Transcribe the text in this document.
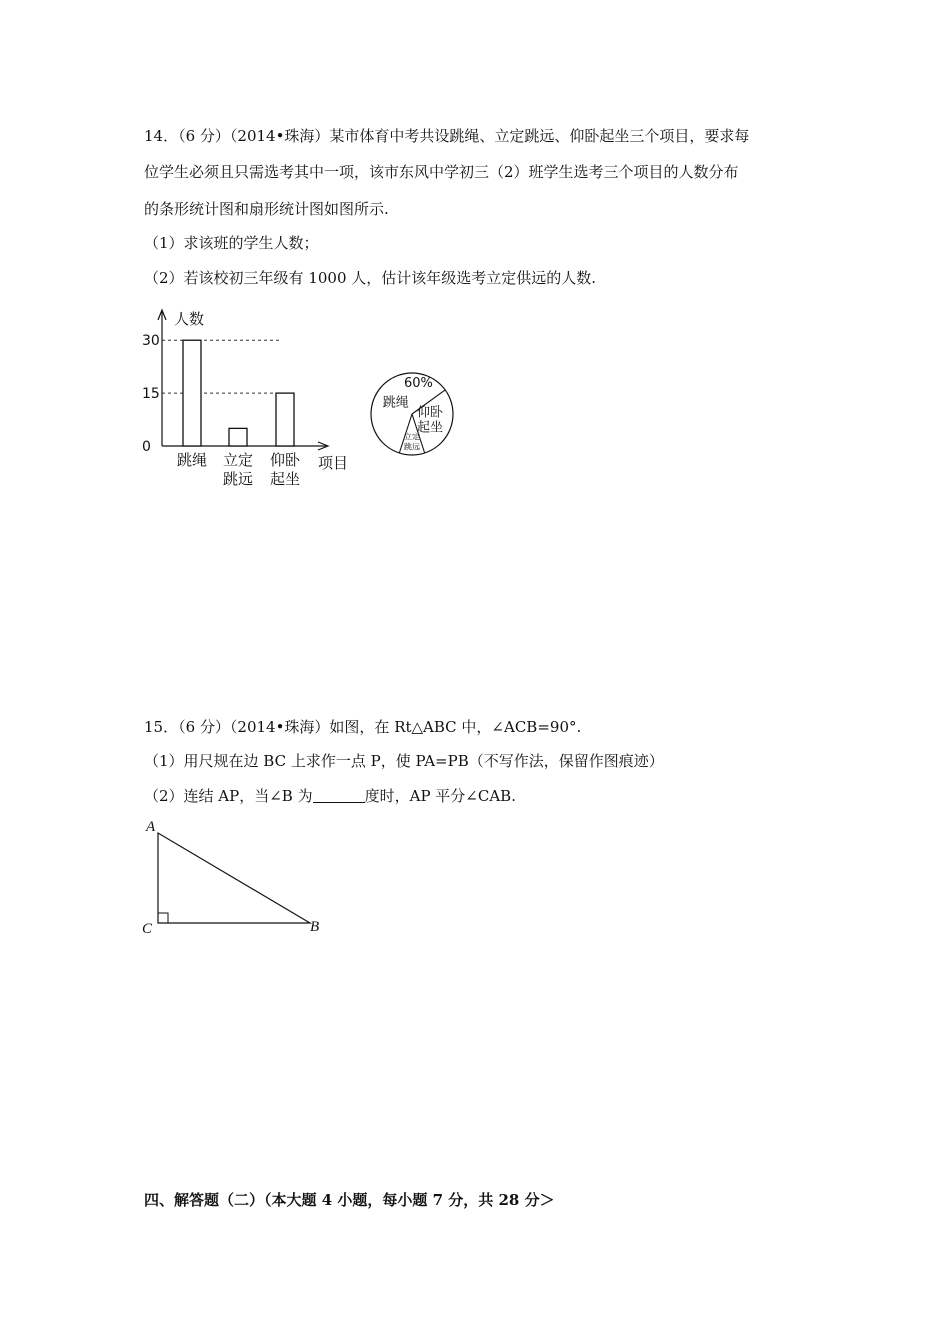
14．（6 分）（2014•珠海）某市体育中考共设跳绳、立定跳远、仰卧起坐三个项目，要求每
位学生必须且只需选考其中一项，该市东风中学初三（2）班学生选考三个项目的人数分布
的条形统计图和扇形统计图如图所示.
（1）求该班的学生人数；
（2）若该校初三年级有 1000 人，估计该年级选考立定供远的人数.
人数
项目
30
15
0
跳绳 立定
跳远
仰卧
起坐
跳绳
仰卧
起坐
立定
跳远
60%
15．（6 分）（2014•珠海）如图，在 Rt△ABC 中，∠ACB=90°.
（1）用尺规在边 BC 上求作一点 P，使 PA=PB（不写作法，保留作图痕迹）
（2）连结 AP，当∠B 为	度时，AP 平分∠CAB.
A
C	B
四、解答题（二）（本大题 4 小题，每小题 7 分，共 28 分＞
